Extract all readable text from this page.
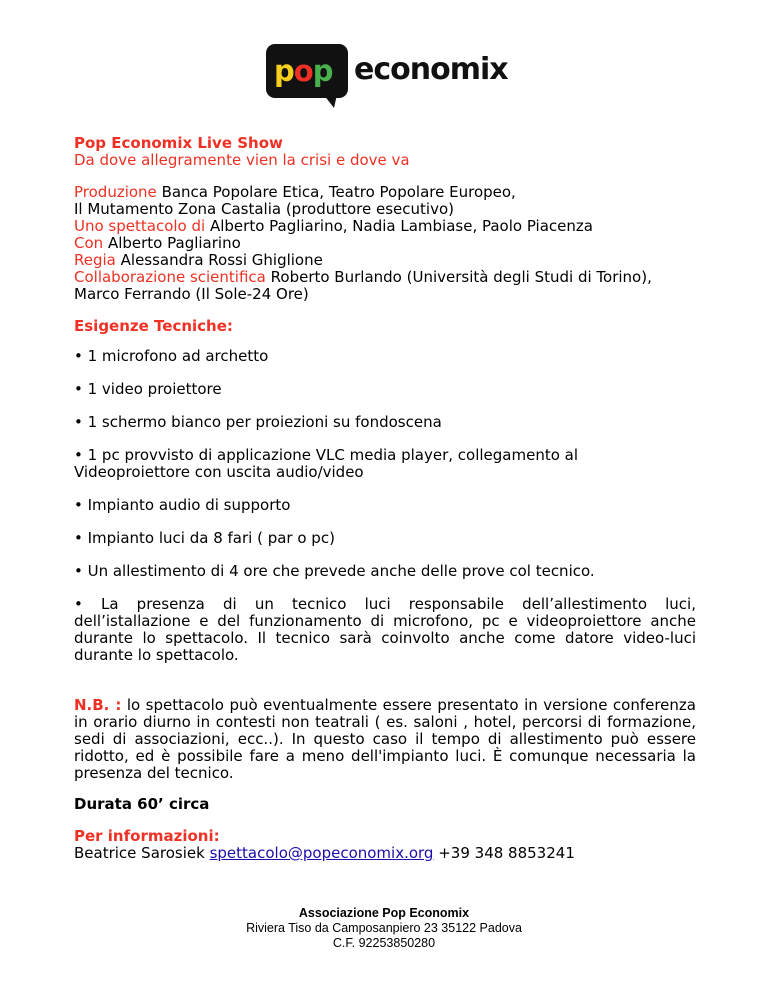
pop economix
Pop Economix Live Show
Da dove allegramente vien la crisi e dove va
Produzione Banca Popolare Etica, Teatro Popolare Europeo,
Il Mutamento Zona Castalia (produttore esecutivo)
Uno spettacolo di Alberto Pagliarino, Nadia Lambiase, Paolo Piacenza
Con Alberto Pagliarino
Regia Alessandra Rossi Ghiglione
Collaborazione scientifica Roberto Burlando (Università degli Studi di Torino),
Marco Ferrando (Il Sole-24 Ore)
Esigenze Tecniche:
• 1 microfono ad archetto
• 1 video proiettore
• 1 schermo bianco per proiezioni su fondoscena
• 1 pc provvisto di applicazione VLC media player, collegamento al Videoproiettore con uscita audio/video
• Impianto audio di supporto
• Impianto luci da 8 fari ( par o pc)
• Un allestimento di 4 ore che prevede anche delle prove col tecnico.
• La presenza di un tecnico luci responsabile dell’allestimento luci, dell’istallazione e del funzionamento di microfono, pc e videoproiettore anche durante lo spettacolo. Il tecnico sarà coinvolto anche come datore video-luci durante lo spettacolo.
N.B. : lo spettacolo può eventualmente essere presentato in versione conferenza in orario diurno in contesti non teatrali ( es. saloni , hotel, percorsi di formazione, sedi di associazioni, ecc..). In questo caso il tempo di allestimento può essere ridotto, ed è possibile fare a meno dell'impianto luci. È comunque necessaria la presenza del tecnico.
Durata 60’ circa
Per informazioni:
Beatrice Sarosiek spettacolo@popeconomix.org +39 348 8853241
Associazione Pop Economix
Riviera Tiso da Camposanpiero 23 35122 Padova
C.F. 92253850280
